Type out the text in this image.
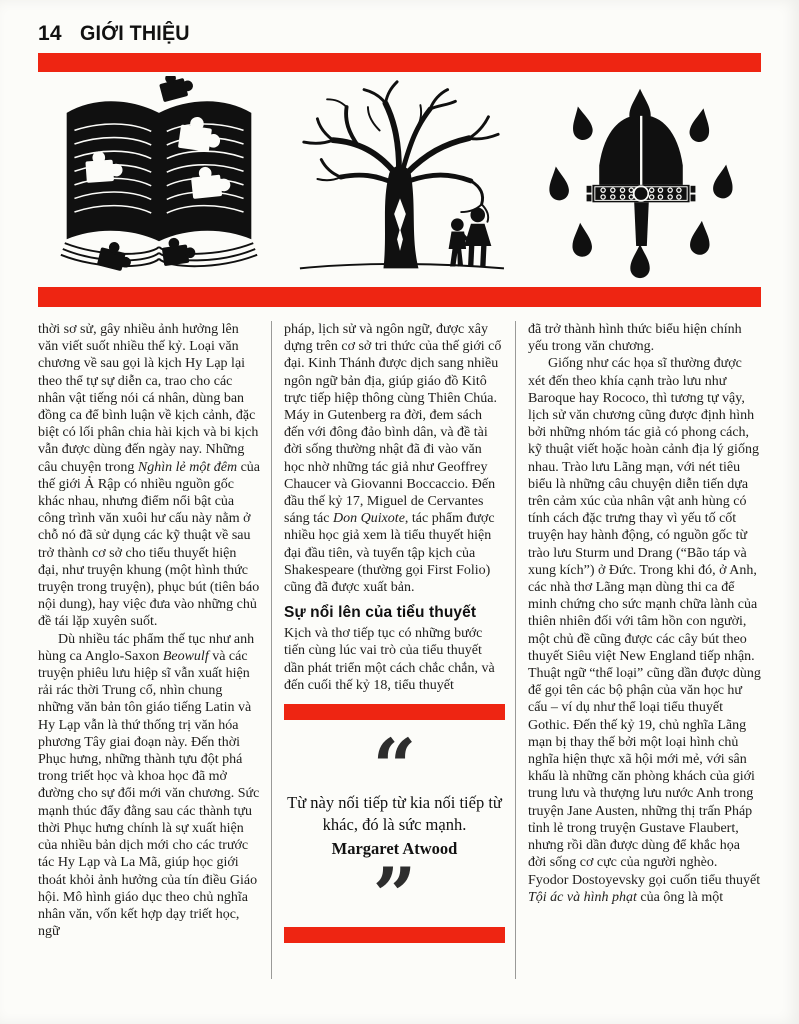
14 GIỚI THIỆU

thời sơ sử, gây nhiều ảnh hưởng lên văn viết suốt nhiều thế kỷ. Loại văn chương về sau gọi là kịch Hy Lạp lại theo thể tự sự diễn ca, trao cho các nhân vật tiếng nói cá nhân, dùng ban đồng ca để bình luận về kịch cảnh, đặc biệt có lối phân chia hài kịch và bi kịch vẫn được dùng đến ngày nay. Những câu chuyện trong Nghìn lẻ một đêm của thế giới Ả Rập có nhiều nguồn gốc khác nhau, nhưng điểm nổi bật của công trình văn xuôi hư cấu này nằm ở chỗ nó đã sử dụng các kỹ thuật về sau trở thành cơ sở cho tiểu thuyết hiện đại, như truyện khung (một hình thức truyện trong truyện), phục bút (tiên báo nội dung), hay việc đưa vào những chủ đề tái lặp xuyên suốt.

Dù nhiều tác phẩm thế tục như anh hùng ca Anglo-Saxon Beowulf và các truyện phiêu lưu hiệp sĩ vẫn xuất hiện rải rác thời Trung cổ, nhìn chung những văn bản tôn giáo tiếng Latin và Hy Lạp vẫn là thứ thống trị văn hóa phương Tây giai đoạn này. Đến thời Phục hưng, những thành tựu đột phá trong triết học và khoa học đã mở đường cho sự đổi mới văn chương. Sức mạnh thúc đẩy đằng sau các thành tựu thời Phục hưng chính là sự xuất hiện của nhiều bản dịch mới cho các trước tác Hy Lạp và La Mã, giúp học giới thoát khỏi ảnh hưởng của tín điều Giáo hội. Mô hình giáo dục theo chủ nghĩa nhân văn, vốn kết hợp dạy triết học, ngữ

pháp, lịch sử và ngôn ngữ, được xây dựng trên cơ sở tri thức của thế giới cổ đại. Kinh Thánh được dịch sang nhiều ngôn ngữ bản địa, giúp giáo đồ Kitô trực tiếp hiệp thông cùng Thiên Chúa. Máy in Gutenberg ra đời, đem sách đến với đông đảo bình dân, và đề tài đời sống thường nhật đã đi vào văn học nhờ những tác giả như Geoffrey Chaucer và Giovanni Boccaccio. Đến đầu thế kỷ 17, Miguel de Cervantes sáng tác Don Quixote, tác phẩm được nhiều học giả xem là tiểu thuyết hiện đại đầu tiên, và tuyển tập kịch của Shakespeare (thường gọi First Folio) cũng đã được xuất bản.

Sự nổi lên của tiểu thuyết

Kịch và thơ tiếp tục có những bước tiến cùng lúc vai trò của tiểu thuyết dần phát triển một cách chắc chắn, và đến cuối thế kỷ 18, tiểu thuyết

“
Từ này nối tiếp từ kia nối tiếp từ khác, đó là sức mạnh.
Margaret Atwood
”

đã trở thành hình thức biểu hiện chính yếu trong văn chương.

Giống như các họa sĩ thường được xét đến theo khía cạnh trào lưu như Baroque hay Rococo, thì tương tự vậy, lịch sử văn chương cũng được định hình bởi những nhóm tác giả có phong cách, kỹ thuật viết hoặc hoàn cảnh địa lý giống nhau. Trào lưu Lãng mạn, với nét tiêu biểu là những câu chuyện diễn tiến dựa trên cảm xúc của nhân vật anh hùng có tính cách đặc trưng thay vì yếu tố cốt truyện hay hành động, có nguồn gốc từ trào lưu Sturm und Drang (“Bão táp và xung kích”) ở Đức. Trong khi đó, ở Anh, các nhà thơ Lãng mạn dùng thi ca để minh chứng cho sức mạnh chữa lành của thiên nhiên đối với tâm hồn con người, một chủ đề cũng được các cây bút theo thuyết Siêu việt New England tiếp nhận. Thuật ngữ “thể loại” cũng dần được dùng để gọi tên các bộ phận của văn học hư cấu – ví dụ như thể loại tiểu thuyết Gothic. Đến thế kỷ 19, chủ nghĩa Lãng mạn bị thay thế bởi một loại hình chủ nghĩa hiện thực xã hội mới mẻ, với sân khấu là những căn phòng khách của giới trung lưu và thượng lưu nước Anh trong truyện Jane Austen, những thị trấn Pháp tỉnh lẻ trong truyện Gustave Flaubert, nhưng rồi dần được dùng để khắc họa đời sống cơ cực của người nghèo. Fyodor Dostoyevsky gọi cuốn tiểu thuyết Tội ác và hình phạt của ông là một
